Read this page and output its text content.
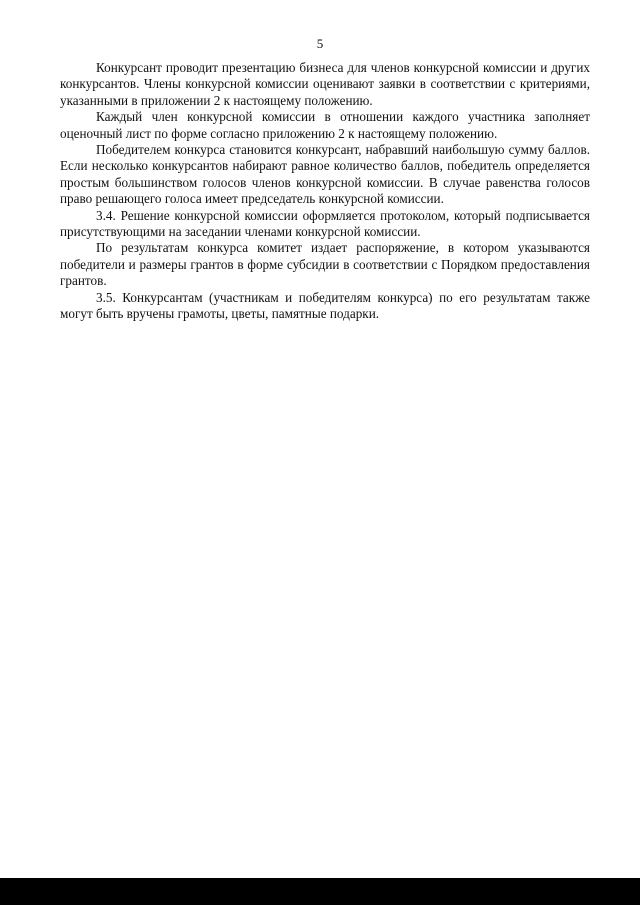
5

Конкурсант проводит презентацию бизнеса для членов конкурсной комиссии и других конкурсантов. Члены конкурсной комиссии оценивают заявки в соответствии с критериями, указанными в приложении 2 к настоящему положению.

Каждый член конкурсной комиссии в отношении каждого участника заполняет оценочный лист по форме согласно приложению 2 к настоящему положению.

Победителем конкурса становится конкурсант, набравший наибольшую сумму баллов. Если несколько конкурсантов набирают равное количество баллов, победитель определяется простым большинством голосов членов конкурсной комиссии. В случае равенства голосов право решающего голоса имеет председатель конкурсной комиссии.

3.4. Решение конкурсной комиссии оформляется протоколом, который подписывается присутствующими на заседании членами конкурсной комиссии.

По результатам конкурса комитет издает распоряжение, в котором указываются победители и размеры грантов в форме субсидии в соответствии с Порядком предоставления грантов.

3.5. Конкурсантам (участникам и победителям конкурса) по его результатам также могут быть вручены грамоты, цветы, памятные подарки.
